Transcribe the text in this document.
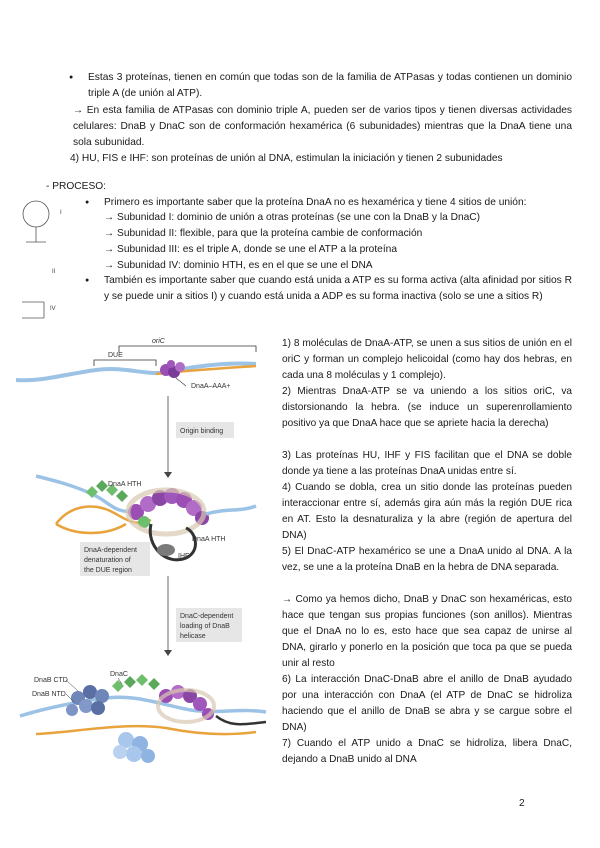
● Estas 3 proteínas, tienen en común que todas son de la familia de ATPasas y todas contienen un dominio triple A (de unión al ATP).

→ En esta familia de ATPasas con dominio triple A, pueden ser de varios tipos y tienen diversas actividades celulares: DnaB y DnaC son de conformación hexamérica (6 subunidades) mientras que la DnaA tiene una sola subunidad.

4) HU, FIS e IHF: son proteínas de unión al DNA, estimulan la iniciación y tienen 2 subunidades

- PROCESO:

● Primero es importante saber que la proteína DnaA no es hexamérica y tiene 4 sitios de unión:

→ Subunidad I: dominio de unión a otras proteínas (se une con la DnaB y la DnaC)

→ Subunidad II: flexible, para que la proteína cambie de conformación

→ Subunidad III: es el triple A, donde se une el ATP a la proteína

→ Subunidad IV: dominio HTH, es en el que se une el DNA

● También es importante saber que cuando está unida a ATP es su forma activa (alta afinidad por sitios R y se puede unir a sitios I) y cuando está unida a ADP es su forma inactiva (solo se une a sitios R)

I
II
IV
oriC
DUE
DnaA–AAA+
Origin binding
DnaA HTH
DnaA HTH
IHF
DnaA-dependent
denaturation of
the DUE region
DnaC-dependent
loading of DnaB
helicase
DnaB CTD
DnaC
DnaB NTD

1) 8 moléculas de DnaA-ATP, se unen a sus sitios de unión en el oriC y forman un complejo helicoidal (como hay dos hebras, en cada una 8 moléculas y 1 complejo).

2) Mientras DnaA-ATP se va uniendo a los sitios oriC, va distorsionando la hebra. (se induce un superenrollamiento positivo ya que DnaA hace que se apriete hacia la derecha)

3) Las proteínas HU, IHF y FIS facilitan que el DNA se doble donde ya tiene a las proteínas DnaA unidas entre sí.

4) Cuando se dobla, crea un sitio donde las proteínas pueden interaccionar entre sí, además gira aún más la región DUE rica en AT. Esto la desnaturaliza y la abre (región de apertura del DNA)

5) El DnaC-ATP hexamérico se une a DnaA unido al DNA. A la vez, se une a la proteína DnaB en la hebra de DNA separada.

→ Como ya hemos dicho, DnaB y DnaC son hexaméricas, esto hace que tengan sus propias funciones (son anillos). Mientras que el DnaA no lo es, esto hace que sea capaz de unirse al DNA, girarlo y ponerlo en la posición que toca pa que se pueda unir al resto

6) La interacción DnaC-DnaB abre el anillo de DnaB ayudado por una interacción con DnaA (el ATP de DnaC se hidroliza haciendo que el anillo de DnaB se abra y se cargue sobre el DNA)

7) Cuando el ATP unido a DnaC se hidroliza, libera DnaC, dejando a DnaB unido al DNA

2
